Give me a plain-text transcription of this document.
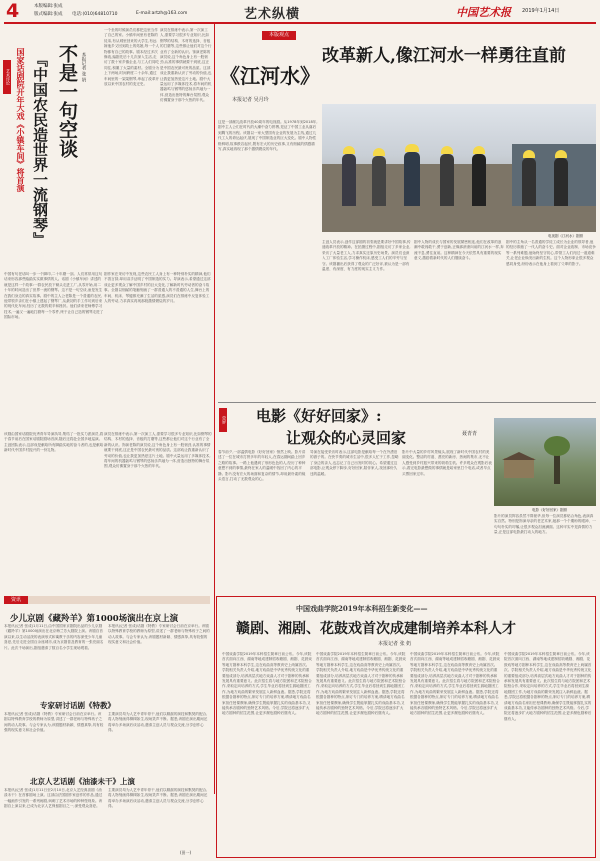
4	本版编辑:张成
版式编辑:张成 电话:(010)64810710	E-mail:artzh@163.com	艺术纵横	中国艺术报 2019年1月14日
艺术评论 国家话剧院开年大戏《小镇车间》将首演 不是一句空谈
『中国农民造世界一流钢琴』	本报记者 张 奶
一个坐的时候演员们都把这里当作了自己的家。小镇车间里有老陈的徒弟,有从城里回来的大学生,有远嫁他乡又回到故土的姑娘,每一个人物都有自己的故事。剧本经过多次修改,编剧先后十几次深入生活,走访了数十家乡镇企业,与工人们同吃同住,积累了大量的素材。全剧分为上下两场,时间跨度二十余年,通过车间里的一架架钢琴,串起了改革开放以来中国农村的变迁史。
演员在排练中表示,第一次演工人,需要学习很多专业知识,比如钢琴的结构、木材的选择、音板的打磨等,这些都让他们对这个行业有了全新的认识。饰演老陈的演员说,这个角色身上有一股韧劲,认准的事情就要干到底,这正是中国农民最可贵的品质。这部戏让我重新认识了劳动的价值,也让我更加热爱这片土地。剧中大量运用了多媒体技术,将车间的机器轰鸣与钢琴的悠扬乐声融为一体,营造出独特的舞台氛围,观众仿佛置身于那个火热的年代。
中国有句老话叫一步一个脚印,二十年磨一剑。人们常常用这句话来形容那些踏踏实实做事情的人。话剧《小镇车间》讲述的就是这样一个故事:一群农民放下锄头走进工厂,从零开始,用二十年的时间造出了世界一流的钢琴。这不是一句空谈,而是发生在我们身边的真实故事。剧中的主人公老陈是一个普通的农民,他带领乡亲们在小镇上建起了钢琴厂,从最初的手工作坊到后来的现代化车间,经历了无数的艰辛和挫折。他们请来老师傅学习技术,一遍又一遍地打磨每一个零件,终于让自己造的钢琴走进了国际市场。
剧作家在采访中发现,这些农民工人身上有一种特别朴实的精神,他们不善言辞,却用双手证明了中国制造的实力。导演表示,希望通过这部戏让更多观众了解中国乡村的巨大变化,了解新时代劳动者的奋斗故事。全剧以细腻的笔触刻画了一群普通人的不普通的人生,舞台上的车间、机床、琴键都充满了生活的质感,演员们在排练中反复体验工人的劳动,力求真实再现那段激情燃烧的岁月。
该剧由国家话剧院优秀青年导演执导,集结了一批实力派演员,将于春节前后在国家话剧院剧场首演,随后还将赴全国多地巡演。主创团队表示,这部戏是献给所有脚踏实地的奋斗者的,也是献给新时代中国乡村振兴的一份礼物。
演员在排练中表示,第一次演工人,需要学习很多专业知识,比如钢琴的结构、木材的选择、音板的打磨等,这些都让他们对这个行业有了全新的认识。饰演老陈的演员说,这个角色身上有一股韧劲,认准的事情就要干到底,这正是中国农民最可贵的品质。这部戏让我重新认识了劳动的价值,也让我更加热爱这片土地。剧中大量运用了多媒体技术,将车间的机器轰鸣与钢琴的悠扬乐声融为一体,营造出独特的舞台氛围,观众仿佛置身于那个火热的年代。
资讯
少儿京剧《藏羚羊》第1000场演出在京上演
本报讯(记者 张成)1月11日,由中国国家京剧院出品的少儿京剧《藏羚羊》第1000场演出在北京梅兰芳大剧院上演。该剧自首演以来,以生动活泼的表演形式和寓教于乐的内容深受少年儿童喜爱,先后走进全国百余座城市,成为京剧普及教育的一张亮丽名片。此次千场演出,剧组邀请了数百名小学生现场观看。
本报讯(记者 张成)话剧《特教》专家研讨会日前在京举行。该剧以特殊教育学校的教师为原型,讲述了一群老师与特殊孩子之间的动人故事。与会专家认为,该剧题材新颖、情感真挚,具有较强的现实意义和社会价值。
专家研讨话剧《特教》
本报讯(记者 张成)话剧《特教》专家研讨会日前在京举行。该剧以特殊教育学校的教师为原型,讲述了一群老师与特殊孩子之间的动人故事。与会专家认为,该剧题材新颖、情感真挚,具有较强的现实意义和社会价值。
主要演员均为人艺中青年骨干,他们以精湛的演技和默契的配合,将人物刻画得栩栩如生,现场笑声不断。据悉,该剧在演出期间还将举办多场演后谈活动,邀请主创人员与观众交流,分享创作心得。
北京人艺话剧《油漆未干》上演
本报讯(记者 张成)1月11日至2月10日,北京人艺经典喜剧《油漆未干》在首都剧场上演。这部由法国剧作家创作的作品,通过一幅画作引发的一系列闹剧,讽刺了艺术市场的种种怪现象。该剧自上演以来,已成为北京人艺保留剧目之一,深受观众喜爱。
主要演员均为人艺中青年骨干,他们以精湛的演技和默契的配合,将人物刻画得栩栩如生,现场笑声不断。据悉,该剧在演出期间还将举办多场演后谈活动,邀请主创人员与观众交流,分享创作心得。
(田一)
本版观点
《江河水》
本报记者 吴月玲
改革新人,像江河水一样勇往直前
电视剧《江河水》剧照
这是一部献礼改革开放40周年的电视剧。从1978年到2018年,剧中主人公们在时代的大潮中奋力拼搏,见证了中国工业从落后到腾飞的历程。该剧以一家大型国有企业的发展为主线,通过几代工人的命运起伏,展现了中国制造业的巨大变化。剧中人物性格鲜明,故事跌宕起伏,既有宏大的历史叙事,又有细腻的情感描写,真实地再现了那个激情燃烧的年代。
主创人员表示,创作这部剧的初衷就是要讲好中国故事,传递改革开放的精神。在拍摄过程中,剧组走访了多家企业,采访了大量老工人,力求真实还原历史场景。演员们也深入工厂体验生活,学习操作机床,感受工人们的辛劳与坚守。该剧播出后获得了观众的广泛好评,被认为是一部有温度、有深度、有力度的现实主义力作。
剧中人物的成长与国家的发展紧密相连,他们在改革的浪潮中敢闯敢干,勇于创新,正像那滚滚向前的江河水一样,奔流不息,勇往直前。这种精神在今天依然具有重要的现实意义,激励着新时代的人们继续奋斗。
剧中的主角从一名普通的学徒工成长为企业的领导者,他的经历浓缩了一代人的奋斗史。面对企业改制、市场竞争等一系列难题,他始终坚守初心,带领工人们闯过一道道难关,让老企业焕发出新的生机。这个人物形象让很多观众感同身受,纷纷表示在他身上看到了父辈的影子。
荧屏 电影《好好回家》:
让观众的心灵回家	聂青青
电影《好好回家》剧照
春节前夕,一部温情电影《好好回家》悄然上映。影片讲述了一位在城市打拼多年的年轻人,在春运期间踏上回乡之路的故事。一路上他遇到了形形色色的人,经历了种种意想不到的事情,最终在家人的温暖中找回了内心的平静。影片没有宏大的场面和复杂的情节,却用最朴素的镜头语言,打动了无数观众的心。
导演在接受采访时表示,这部电影是献给每一个在外漂泊的游子的。在快节奏的城市生活中,很多人忙于工作,忽略了身边的亲人,也忘记了自己出发时的初心。希望通过这部电影,让观众停下脚步,好好回家,陪伴家人,找回那份久违的温暖。
影片中大量的乡村风景镜头,展现了新时代中国农村的美丽变化。整洁的村道、漂亮的新房、热闹的集市,无不让人感受到乡村振兴带来的勃勃生机。许多观众在观影后表示,看完电影最想做的事情就是给家里打个电话,或者早点买票回家过年。
影片的演员阵容虽然不算豪华,但每一位演员都贴合角色,表演真实自然。特别是饰演母亲的老艺术家,她那一个个期盼的眼神、一句句朴实的叮嘱,让很多观众泪流满面。这种平实中见真情的力量,正是这部电影最打动人的地方。
中国戏曲学院2019年本科招生新变化——
赣剧、湘剧、花鼓戏首次成建制培养本科人才
本报记者 张 奶
中国戏曲学院2019年本科招生简章日前公布。今年,该院首次面向江西、湖南等地成建制招收赣剧、湘剧、花鼓戏等地方剧种本科学生,这在戏曲高等教育史上尚属首次。学院相关负责人介绍,地方戏曲是中华优秀传统文化的重要组成部分,培养高层次地方戏曲人才对于剧种的传承和发展具有重要意义。此次招生将与地方院团和艺术院校合作,采取定向培养的方式,学生毕业后将回到生源地剧团工作,为地方戏曲的繁荣发展注入新鲜血液。据悉,学院还将根据各剧种的特点,制订专门的培养方案,聘请地方戏曲名家担任授课教师,确保学生既能掌握扎实的戏曲基本功,又能传承各剧种的独特艺术风格。今后,学院还将逐步扩大地方剧种的招生范围,让更多濒危剧种后继有人。
中国戏曲学院2019年本科招生简章日前公布。今年,该院首次面向江西、湖南等地成建制招收赣剧、湘剧、花鼓戏等地方剧种本科学生,这在戏曲高等教育史上尚属首次。学院相关负责人介绍,地方戏曲是中华优秀传统文化的重要组成部分,培养高层次地方戏曲人才对于剧种的传承和发展具有重要意义。此次招生将与地方院团和艺术院校合作,采取定向培养的方式,学生毕业后将回到生源地剧团工作,为地方戏曲的繁荣发展注入新鲜血液。据悉,学院还将根据各剧种的特点,制订专门的培养方案,聘请地方戏曲名家担任授课教师,确保学生既能掌握扎实的戏曲基本功,又能传承各剧种的独特艺术风格。今后,学院还将逐步扩大地方剧种的招生范围,让更多濒危剧种后继有人。
中国戏曲学院2019年本科招生简章日前公布。今年,该院首次面向江西、湖南等地成建制招收赣剧、湘剧、花鼓戏等地方剧种本科学生,这在戏曲高等教育史上尚属首次。学院相关负责人介绍,地方戏曲是中华优秀传统文化的重要组成部分,培养高层次地方戏曲人才对于剧种的传承和发展具有重要意义。此次招生将与地方院团和艺术院校合作,采取定向培养的方式,学生毕业后将回到生源地剧团工作,为地方戏曲的繁荣发展注入新鲜血液。据悉,学院还将根据各剧种的特点,制订专门的培养方案,聘请地方戏曲名家担任授课教师,确保学生既能掌握扎实的戏曲基本功,又能传承各剧种的独特艺术风格。今后,学院还将逐步扩大地方剧种的招生范围,让更多濒危剧种后继有人。
中国戏曲学院2019年本科招生简章日前公布。今年,该院首次面向江西、湖南等地成建制招收赣剧、湘剧、花鼓戏等地方剧种本科学生,这在戏曲高等教育史上尚属首次。学院相关负责人介绍,地方戏曲是中华优秀传统文化的重要组成部分,培养高层次地方戏曲人才对于剧种的传承和发展具有重要意义。此次招生将与地方院团和艺术院校合作,采取定向培养的方式,学生毕业后将回到生源地剧团工作,为地方戏曲的繁荣发展注入新鲜血液。据悉,学院还将根据各剧种的特点,制订专门的培养方案,聘请地方戏曲名家担任授课教师,确保学生既能掌握扎实的戏曲基本功,又能传承各剧种的独特艺术风格。今后,学院还将逐步扩大地方剧种的招生范围,让更多濒危剧种后继有人。
